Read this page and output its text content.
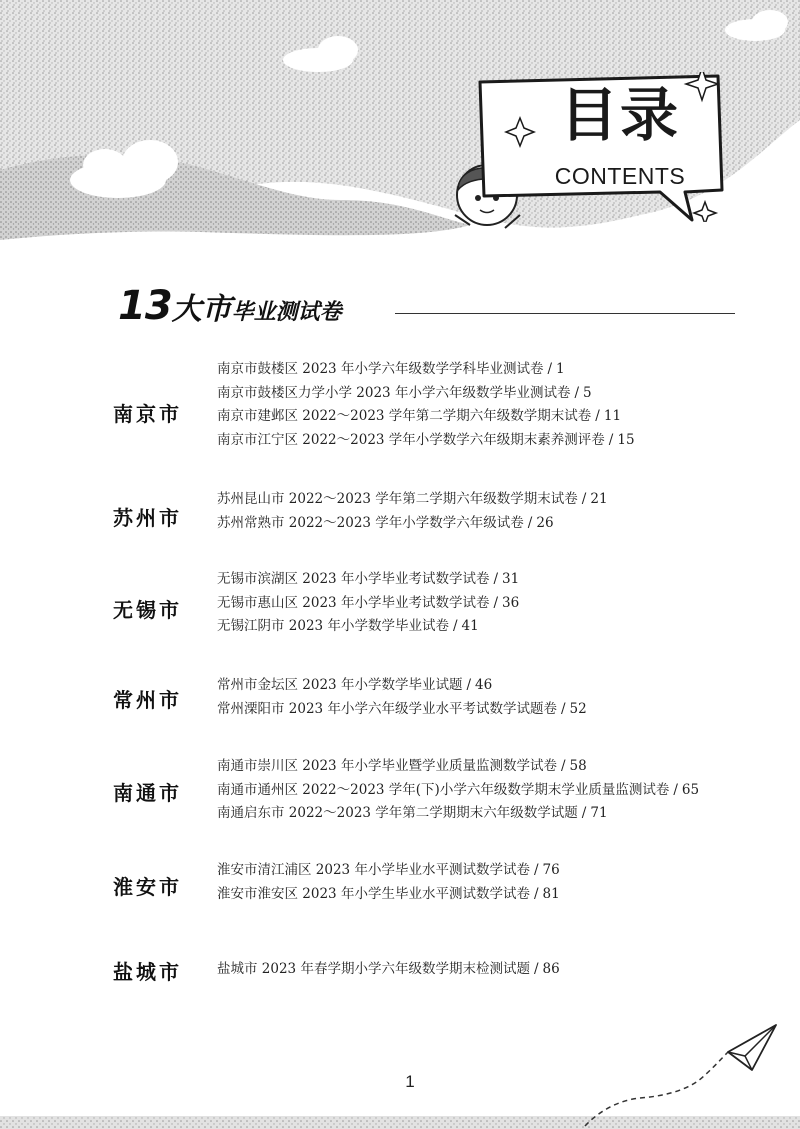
目录
CONTENTS
13 大市 毕业测试卷
南京市
南京市鼓楼区 2023 年小学六年级数学学科毕业测试卷 / 1
南京市鼓楼区力学小学 2023 年小学六年级数学毕业测试卷 / 5
南京市建邺区 2022～2023 学年第二学期六年级数学期末试卷 / 11
南京市江宁区 2022～2023 学年小学数学六年级期末素养测评卷 / 15
苏州市
苏州昆山市 2022～2023 学年第二学期六年级数学期末试卷 / 21
苏州常熟市 2022～2023 学年小学数学六年级试卷 / 26
无锡市
无锡市滨湖区 2023 年小学毕业考试数学试卷 / 31
无锡市惠山区 2023 年小学毕业考试数学试卷 / 36
无锡江阴市 2023 年小学数学毕业试卷 / 41
常州市
常州市金坛区 2023 年小学数学毕业试题 / 46
常州溧阳市 2023 年小学六年级学业水平考试数学试题卷 / 52
南通市
南通市崇川区 2023 年小学毕业暨学业质量监测数学试卷 / 58
南通市通州区 2022～2023 学年(下)小学六年级数学期末学业质量监测试卷 / 65
南通启东市 2022～2023 学年第二学期期末六年级数学试题 / 71
淮安市
淮安市清江浦区 2023 年小学毕业水平测试数学试卷 / 76
淮安市淮安区 2023 年小学生毕业水平测试数学试卷 / 81
盐城市	盐城市 2023 年春学期小学六年级数学期末检测试题 / 86
1
